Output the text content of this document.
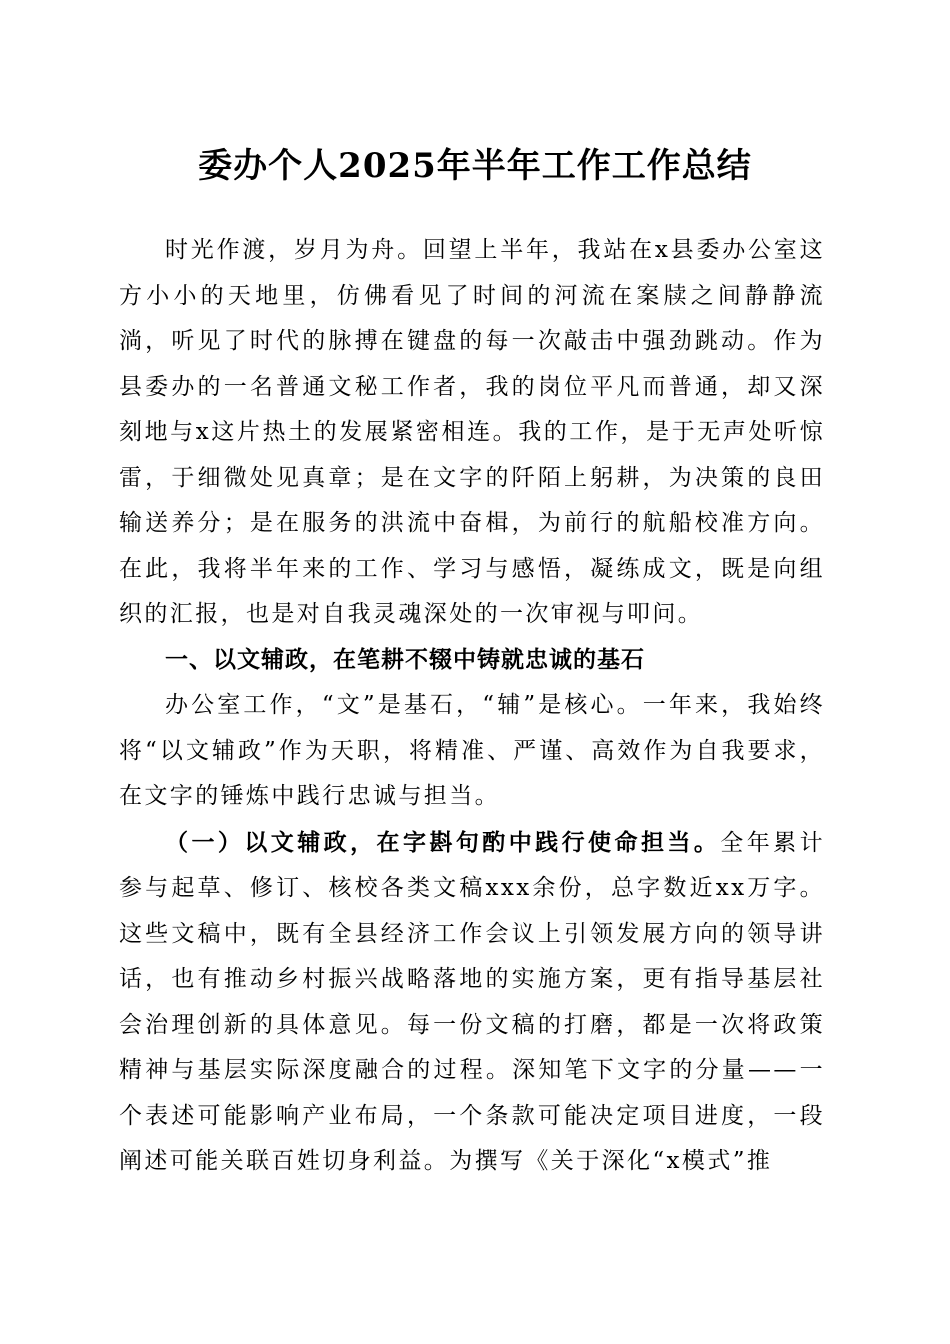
委办个人2025年半年工作工作总结

时光作渡，岁月为舟。回望上半年，我站在x县委办公室这方小小的天地里，仿佛看见了时间的河流在案牍之间静静流淌，听见了时代的脉搏在键盘的每一次敲击中强劲跳动。作为县委办的一名普通文秘工作者，我的岗位平凡而普通，却又深刻地与x这片热土的发展紧密相连。我的工作，是于无声处听惊雷，于细微处见真章；是在文字的阡陌上躬耕，为决策的良田输送养分；是在服务的洪流中奋楫，为前行的航船校准方向。在此，我将半年来的工作、学习与感悟，凝练成文，既是向组织的汇报，也是对自我灵魂深处的一次审视与叩问。

一、以文辅政，在笔耕不辍中铸就忠诚的基石

办公室工作，“文”是基石，“辅”是核心。一年来，我始终将“以文辅政”作为天职，将精准、严谨、高效作为自我要求，在文字的锤炼中践行忠诚与担当。

（一）以文辅政，在字斟句酌中践行使命担当。全年累计参与起草、修订、核校各类文稿xxx余份，总字数近xx万字。这些文稿中，既有全县经济工作会议上引领发展方向的领导讲话，也有推动乡村振兴战略落地的实施方案，更有指导基层社会治理创新的具体意见。每一份文稿的打磨，都是一次将政策精神与基层实际深度融合的过程。深知笔下文字的分量——一个表述可能影响产业布局，一个条款可能决定项目进度，一段阐述可能关联百姓切身利益。为撰写《关于深化“x模式”推
